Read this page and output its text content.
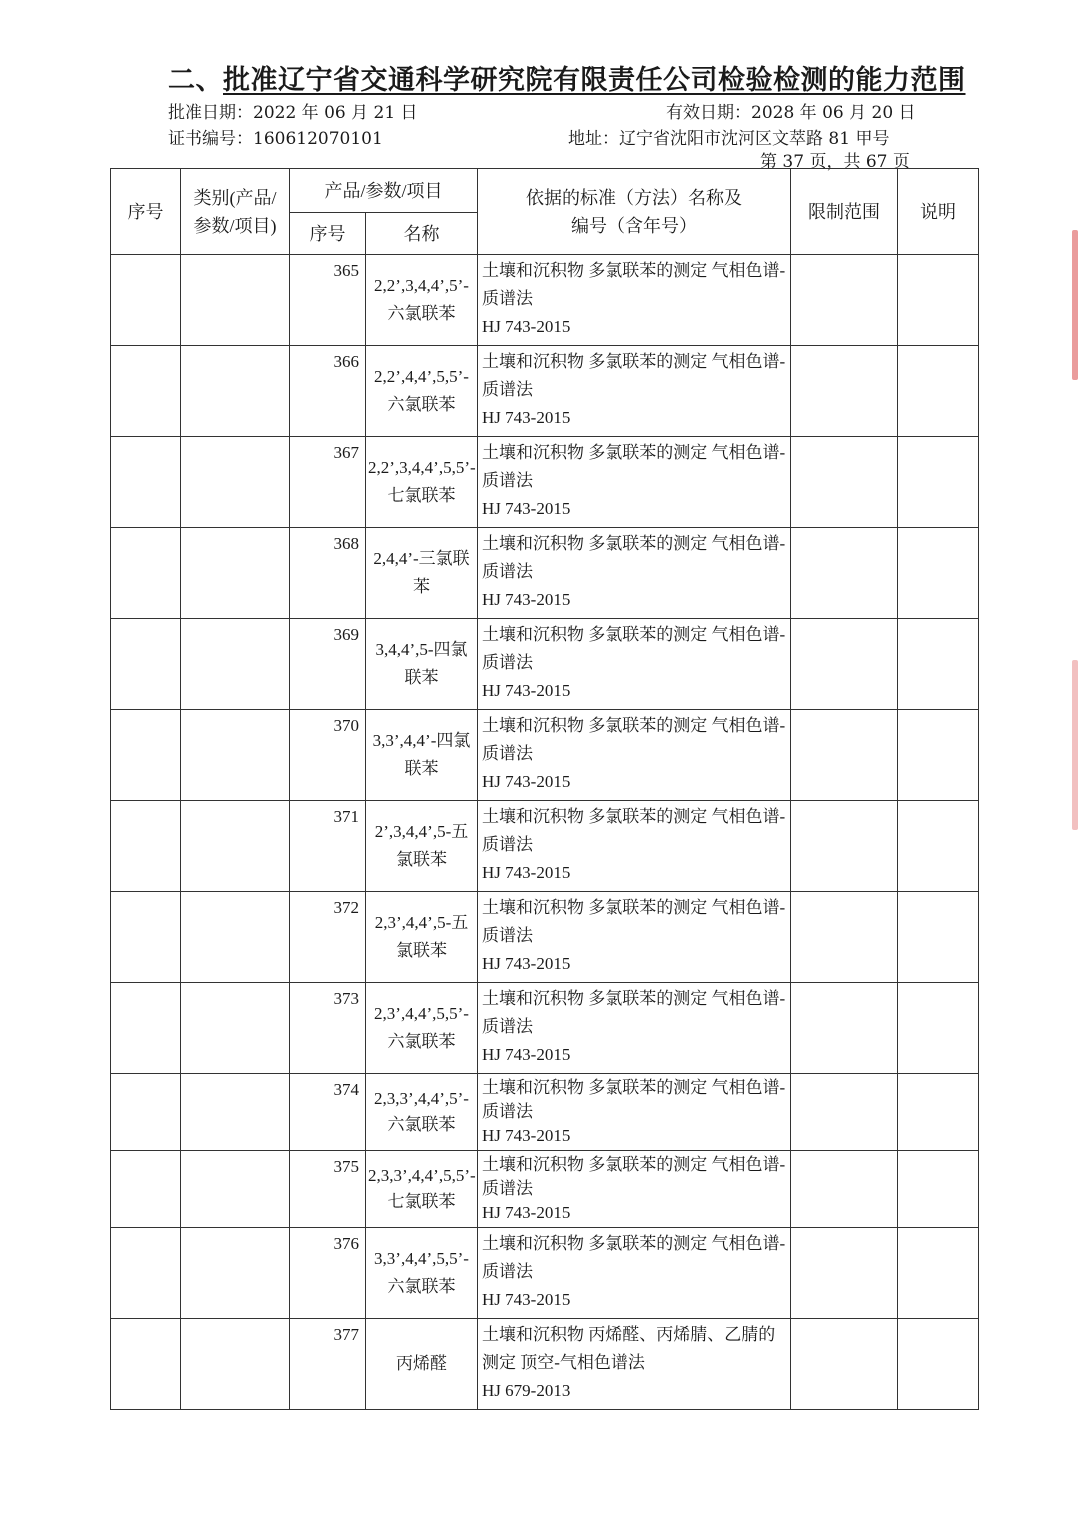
二、批准辽宁省交通科学研究院有限责任公司检验检测的能力范围
批准日期：2022 年 06 月 21 日	有效日期：2028 年 06 月 20 日
证书编号：160612070101	地址：辽宁省沈阳市沈河区文萃路 81 甲号
第 37 页，共 67 页
序号	类别(产品/参数/项目)	产品/参数/项目		依据的标准（方法）名称及编号（含年号）	限制范围	说明
		序号	名称			
		365	2,2’,3,4,4’,5’-六氯联苯	土壤和沉积物 多氯联苯的测定 气相色谱-质谱法
HJ 743-2015		

		366	2,2’,4,4’,5,5’-六氯联苯	土壤和沉积物 多氯联苯的测定 气相色谱-质谱法
HJ 743-2015		

		367	2,2’,3,4,4’,5,5’-七氯联苯	土壤和沉积物 多氯联苯的测定 气相色谱-质谱法
HJ 743-2015		

		368	2,4,4’-三氯联苯	土壤和沉积物 多氯联苯的测定 气相色谱-质谱法
HJ 743-2015		

		369	3,4,4’,5-四氯联苯	土壤和沉积物 多氯联苯的测定 气相色谱-质谱法
HJ 743-2015		

		370	3,3’,4,4’-四氯联苯	土壤和沉积物 多氯联苯的测定 气相色谱-质谱法
HJ 743-2015		

		371	2’,3,4,4’,5-五氯联苯	土壤和沉积物 多氯联苯的测定 气相色谱-质谱法
HJ 743-2015		

		372	2,3’,4,4’,5-五氯联苯	土壤和沉积物 多氯联苯的测定 气相色谱-质谱法
HJ 743-2015		

		373	2,3’,4,4’,5,5’-六氯联苯	土壤和沉积物 多氯联苯的测定 气相色谱-质谱法
HJ 743-2015		

		374	2,3,3’,4,4’,5’-六氯联苯	土壤和沉积物 多氯联苯的测定 气相色谱-质谱法
HJ 743-2015		

		375	2,3,3’,4,4’,5,5’-七氯联苯	土壤和沉积物 多氯联苯的测定 气相色谱-质谱法
HJ 743-2015		

		376	3,3’,4,4’,5,5’-六氯联苯	土壤和沉积物 多氯联苯的测定 气相色谱-质谱法
HJ 743-2015		

		377	丙烯醛	土壤和沉积物 丙烯醛、丙烯腈、乙腈的测定 顶空-气相色谱法
HJ 679-2013		
